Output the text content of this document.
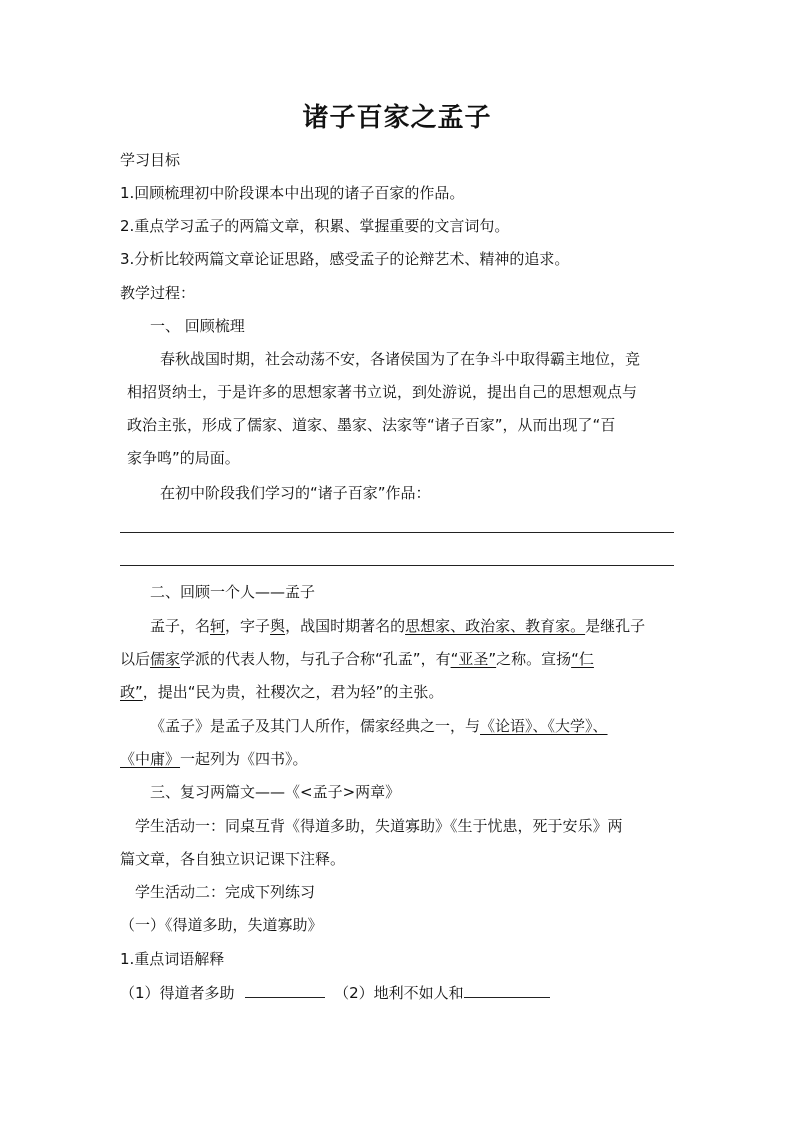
诸子百家之孟子
学习目标
1.回顾梳理初中阶段课本中出现的诸子百家的作品。
2.重点学习孟子的两篇文章，积累、掌握重要的文言词句。
3.分析比较两篇文章论证思路，感受孟子的论辩艺术、精神的追求。
教学过程：
一、 回顾梳理
春秋战国时期，社会动荡不安，各诸侯国为了在争斗中取得霸主地位，竞
相招贤纳士，于是许多的思想家著书立说，到处游说，提出自己的思想观点与
政治主张，形成了儒家、道家、墨家、法家等“诸子百家”，从而出现了“百
家争鸣”的局面。
在初中阶段我们学习的“诸子百家”作品：
二、回顾一个人——孟子
孟子，名轲，字子舆，战国时期著名的思想家、政治家、教育家。是继孔子
以后儒家学派的代表人物，与孔子合称“孔孟”，有“亚圣”之称。宣扬“仁
政”，提出“民为贵，社稷次之，君为轻”的主张。
《孟子》是孟子及其门人所作，儒家经典之一，与《论语》、《大学》、
《中庸》一起列为《四书》。
三、复习两篇文——《<孟子>两章》
学生活动一：同桌互背《得道多助，失道寡助》《生于忧患，死于安乐》两
篇文章，各自独立识记课下注释。
学生活动二：完成下列练习
（一）《得道多助，失道寡助》
1.重点词语解释
（1）得道者多助	（2）地利不如人和
